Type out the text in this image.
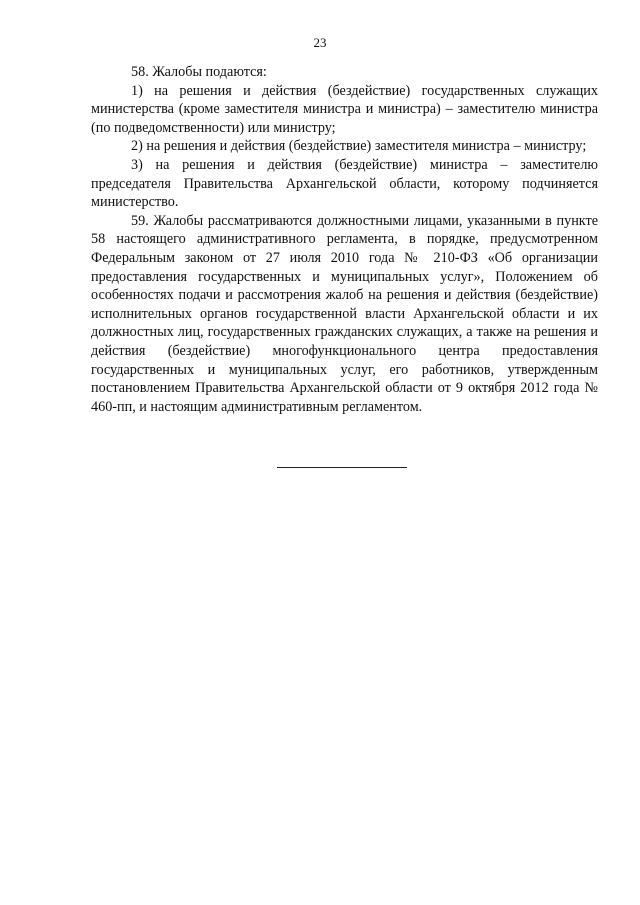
23

58. Жалобы подаются:

1) на решения и действия (бездействие) государственных служащих министерства (кроме заместителя министра и министра) – заместителю министра (по подведомственности) или министру;

2) на решения и действия (бездействие) заместителя министра – министру;

3) на решения и действия (бездействие) министра – заместителю председателя Правительства Архангельской области, которому подчиняется министерство.

59. Жалобы рассматриваются должностными лицами, указанными в пункте 58 настоящего административного регламента, в порядке, предусмотренном Федеральным законом от 27 июля 2010 года № 210-ФЗ «Об организации предоставления государственных и муниципальных услуг», Положением об особенностях подачи и рассмотрения жалоб на решения и действия (бездействие) исполнительных органов государственной власти Архангельской области и их должностных лиц, государственных гражданских служащих, а также на решения и действия (бездействие) многофункционального центра предоставления государственных и муниципальных услуг, его работников, утвержденным постановлением Правительства Архангельской области от 9 октября 2012 года № 460-пп, и настоящим административным регламентом.
